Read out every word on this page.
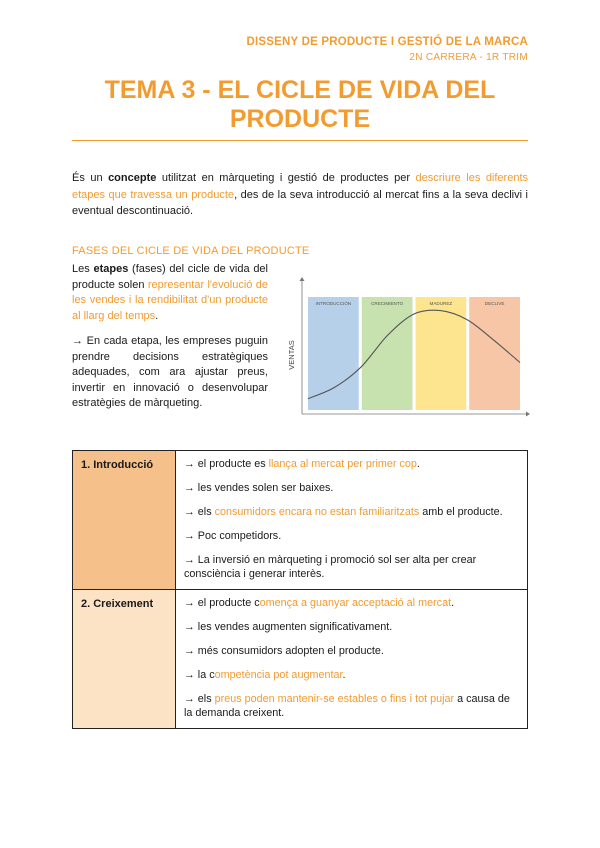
DISSENY DE PRODUCTE I GESTIÓ DE LA MARCA
2N CARRERA - 1R TRIM
TEMA 3 - EL CICLE DE VIDA DEL
PRODUCTE
És un concepte utilitzat en màrqueting i gestió de productes per descriure les diferents etapes que travessa un producte, des de la seva introducció al mercat fins a la seva declivi i eventual descontinuació.
FASES DEL CICLE DE VIDA DEL PRODUCTE
Les etapes (fases) del cicle de vida del producte solen representar l'evolució de les vendes i la rendibilitat d'un producte al llarg del temps.
→ En cada etapa, les empreses puguin prendre decisions estratègiques adequades, com ara ajustar preus, invertir en innovació o desenvolupar estratègies de màrqueting.
INTRODUCCIÓN	CRECIMIENTO	MADUREZ	DECLIVE
VENTAS
1. Introducció	→ el producte es llança al mercat per primer cop.

→ les vendes solen ser baixes.

→ els consumidors encara no estan familiaritzats amb el producte.

→ Poc competidors.

→ La inversió en màrqueting i promoció sol ser alta per crear consciència i generar interès.

2. Creixement	→ el producte comença a guanyar acceptació al mercat.

→ les vendes augmenten significativament.

→ més consumidors adopten el producte.

→ la competència pot augmentar.

→ els preus poden mantenir-se estables o fins i tot pujar a causa de la demanda creixent.
